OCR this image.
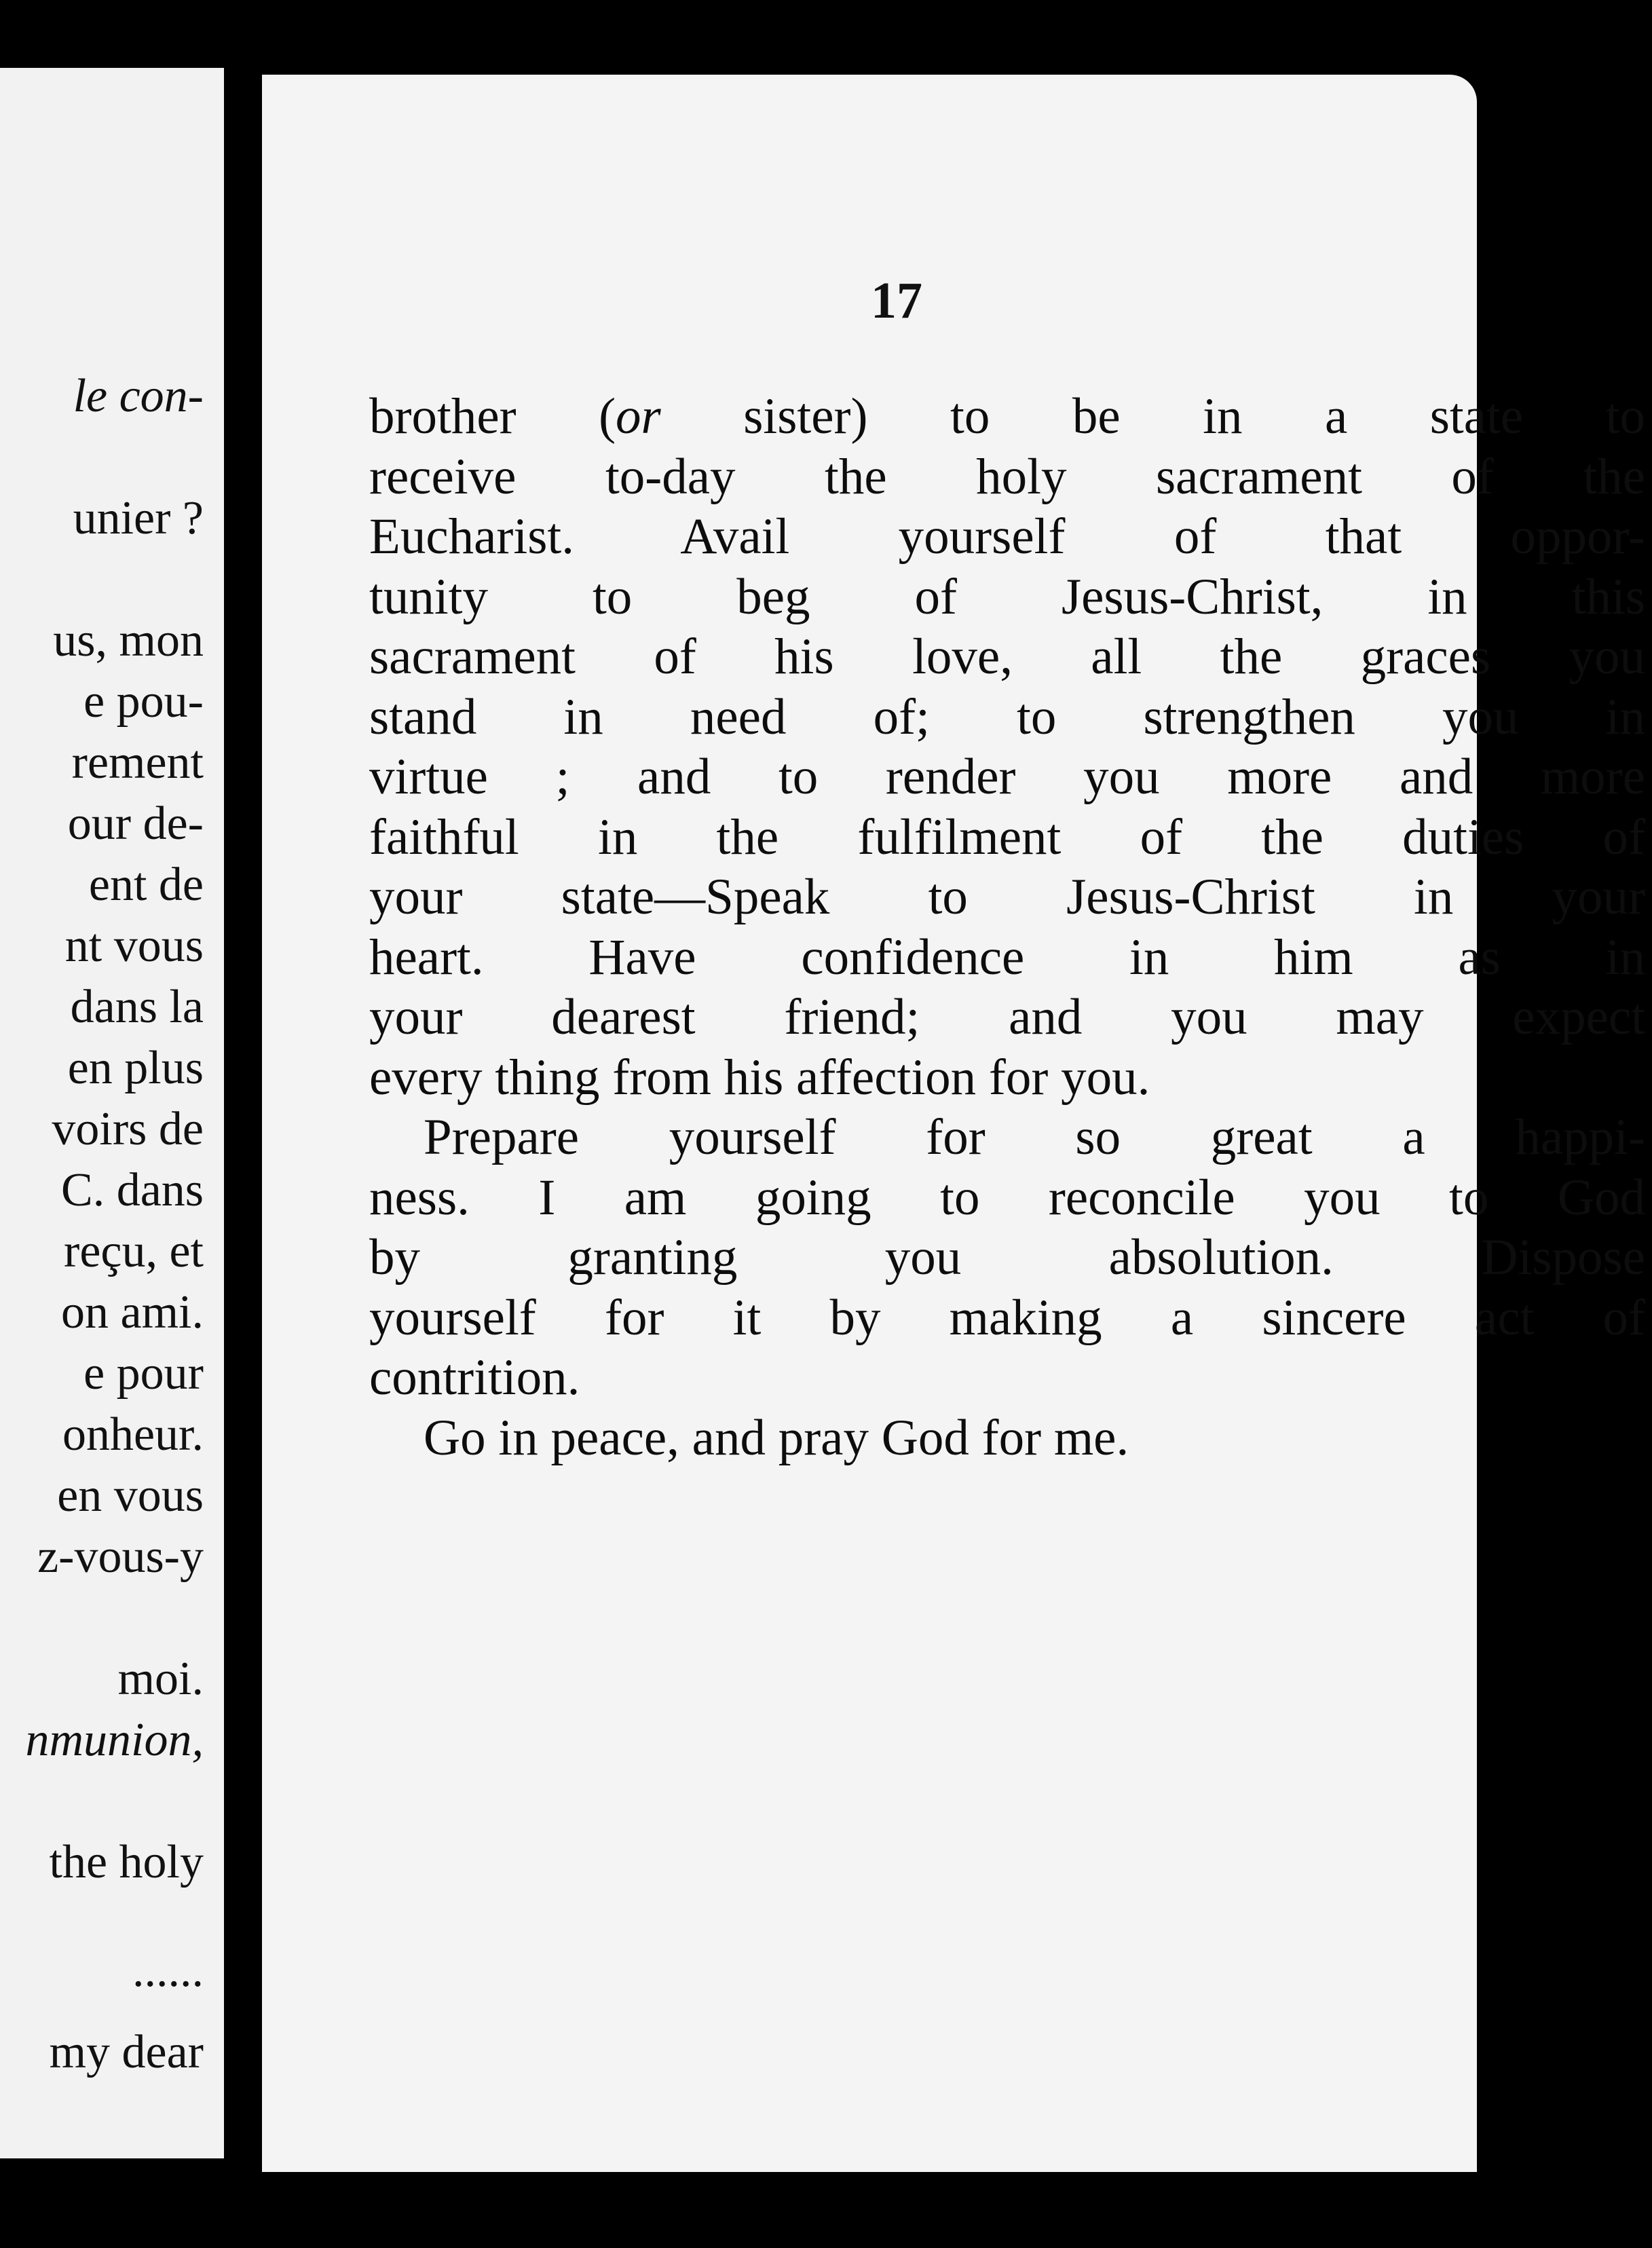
le con-
unier ?
us, mon
e pou-
rement
our de-
ent de
nt vous
dans la
en plus
voirs de
C. dans
reçu, et
on ami.
e pour
onheur.
en vous
z-vous-y
moi.
nmunion,
the holy
......
my dear
17
brother (or sister) to be in a state to
receive to-day the holy sacrament of the
Eucharist. Avail yourself of that oppor-
tunity to beg of Jesus-Christ, in this
sacrament of his love, all the graces you
stand in need of; to strengthen you in
virtue ; and to render you more and more
faithful in the fulfilment of the duties of
your state—Speak to Jesus-Christ in your
heart. Have confidence in him as in
your dearest friend; and you may expect
every thing from his affection for you.
Prepare yourself for so great a happi-
ness. I am going to reconcile you to God
by granting you absolution. Dispose
yourself for it by making a sincere act of
contrition.
Go in peace, and pray God for me.
